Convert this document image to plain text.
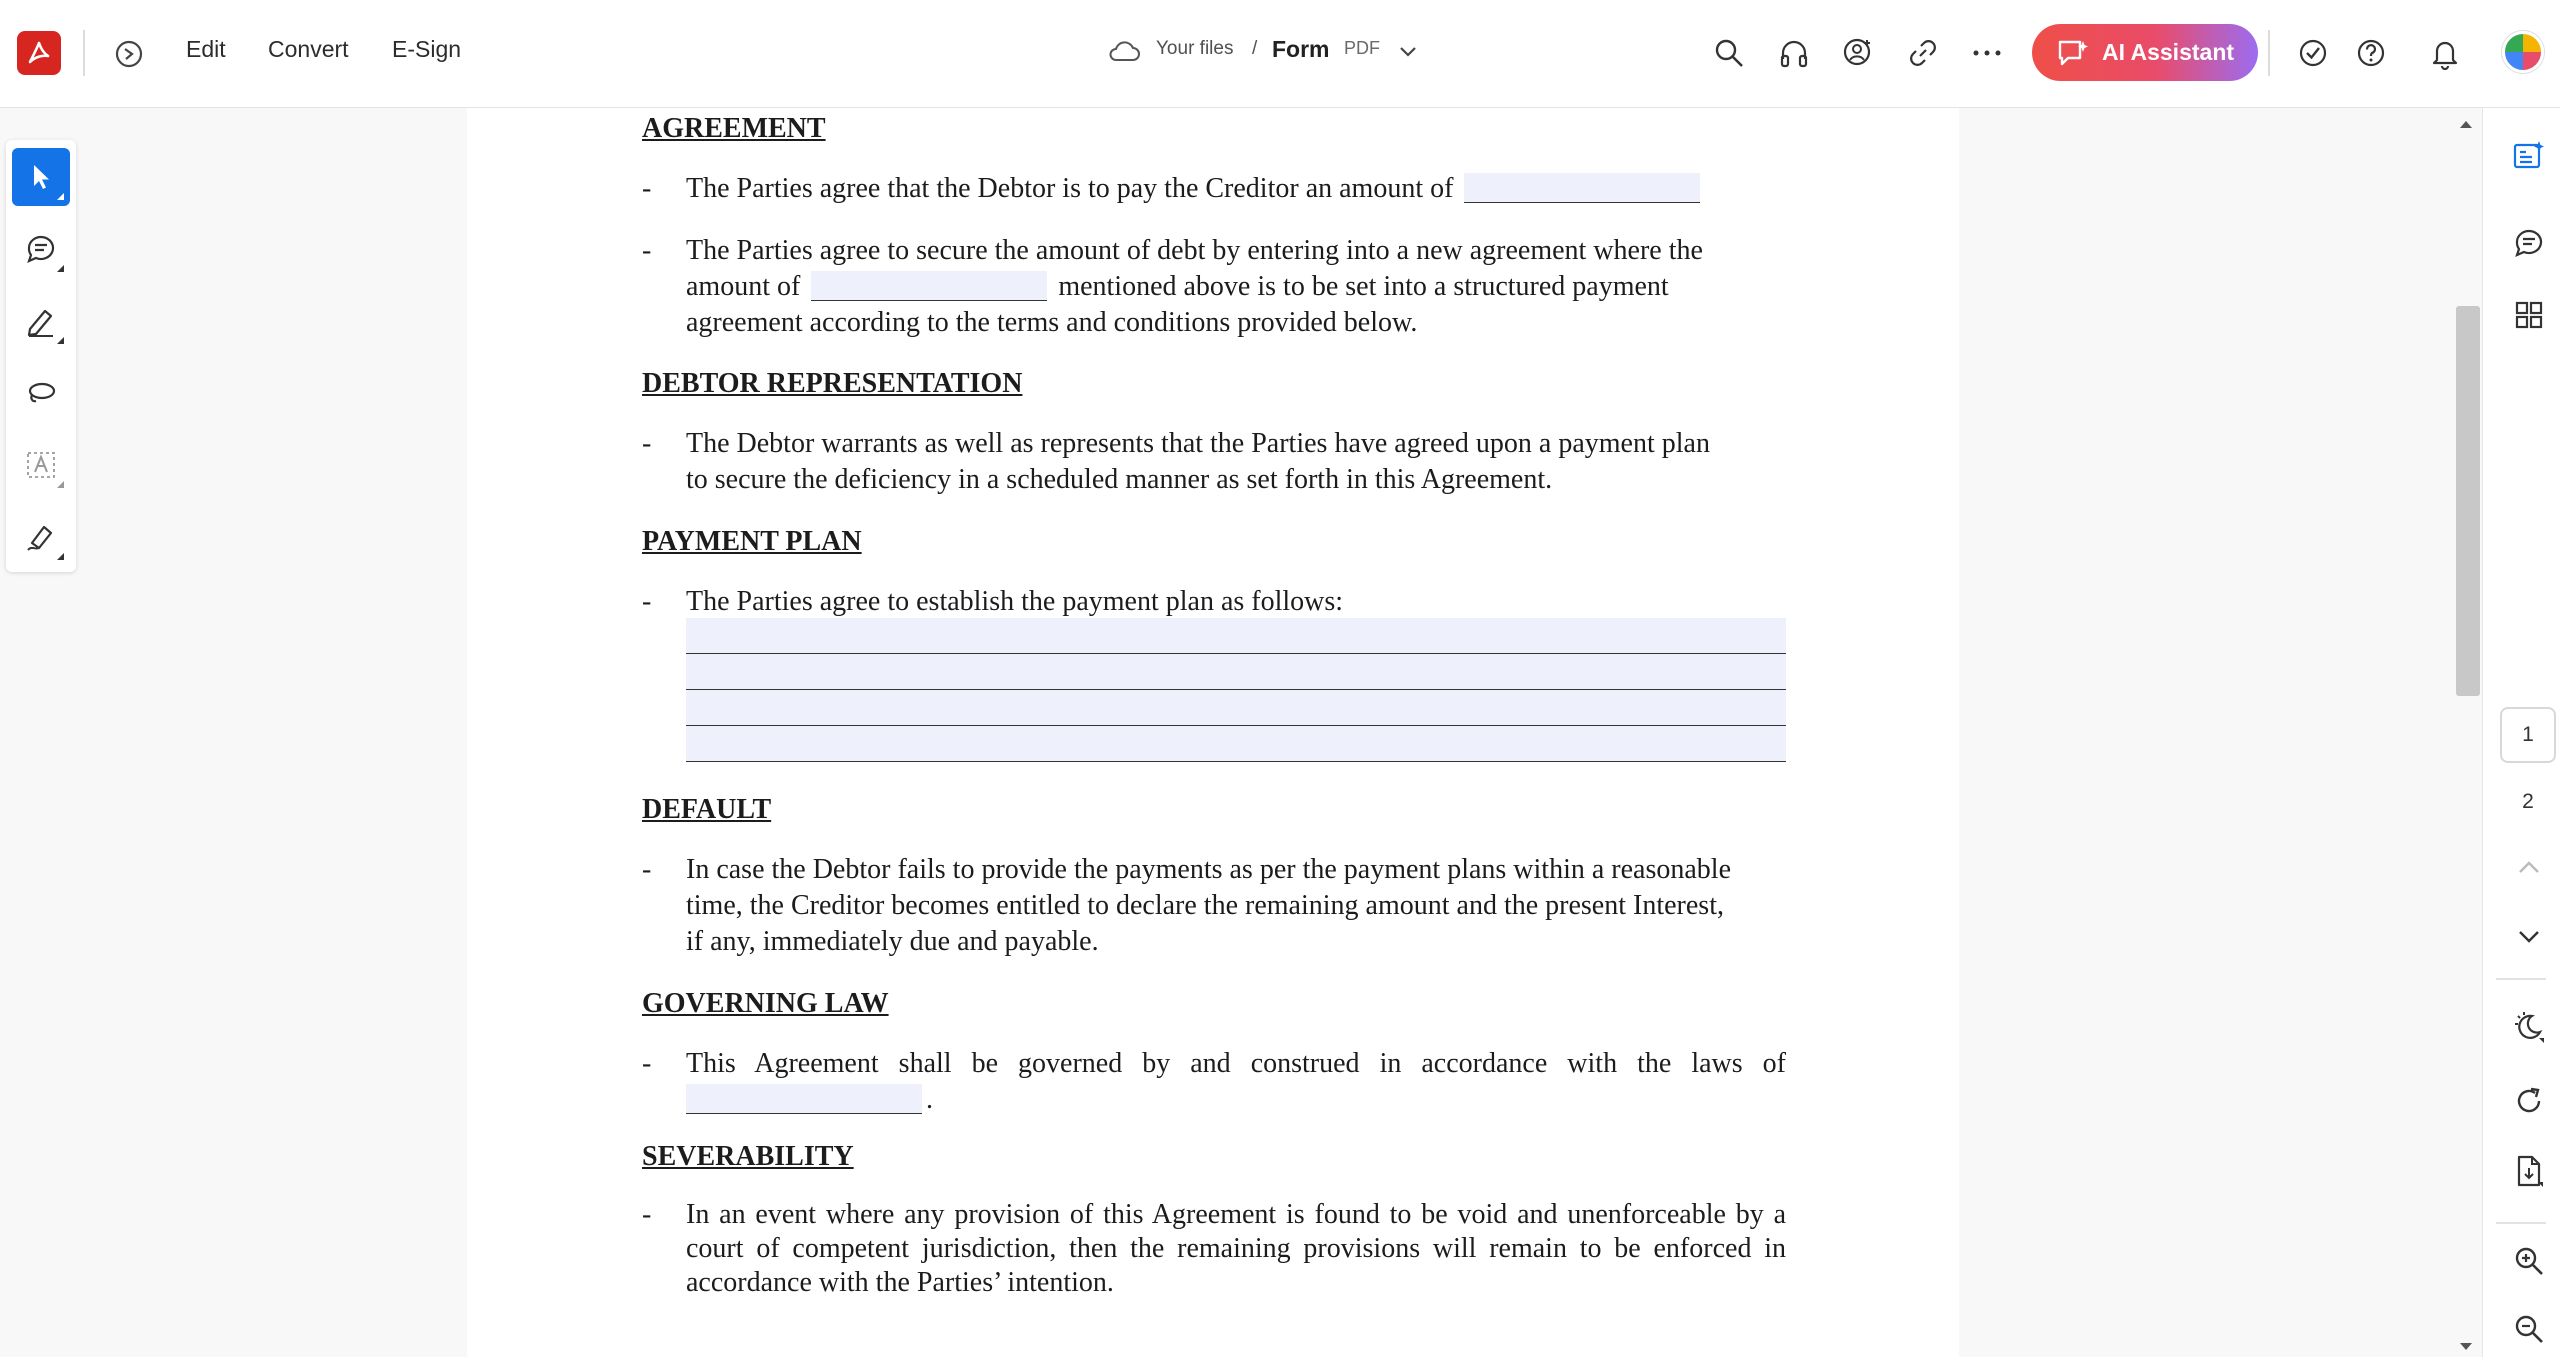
Edit Convert E-Sign	Your files / Form PDF	AI Assistant
AGREEMENT
- The Parties agree that the Debtor is to pay the Creditor an amount of
- The Parties agree to secure the amount of debt by entering into a new agreement where the
amount of	mentioned above is to be set into a structured payment
agreement according to the terms and conditions provided below.
DEBTOR REPRESENTATION
- The Debtor warrants as well as represents that the Parties have agreed upon a payment plan
to secure the deficiency in a scheduled manner as set forth in this Agreement.
PAYMENT PLAN
- The Parties agree to establish the payment plan as follows:
DEFAULT
- In case the Debtor fails to provide the payments as per the payment plans within a reasonable
time, the Creditor becomes entitled to declare the remaining amount and the present Interest,
if any, immediately due and payable.
GOVERNING LAW
- This Agreement shall be governed by and construed in accordance with the laws of
.
SEVERABILITY
- In an event where any provision of this Agreement is found to be void and unenforceable by a
court of competent jurisdiction, then the remaining provisions will remain to be enforced in
accordance with the Parties’ intention.
1
2
